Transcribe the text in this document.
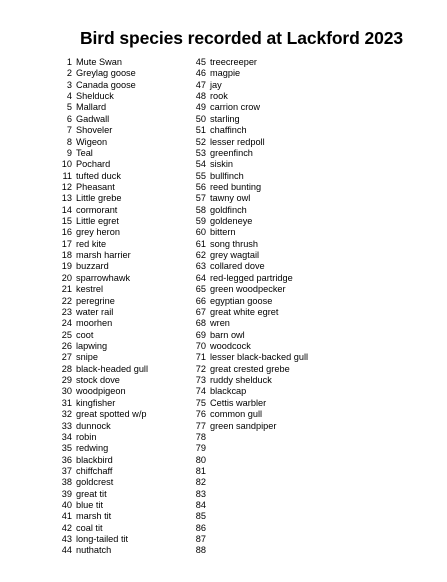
Bird species recorded at Lackford 2023
1 Mute Swan
2 Greylag goose
3 Canada goose
4 Shelduck
5 Mallard
6 Gadwall
7 Shoveler
8 Wigeon
9 Teal
10 Pochard
11 tufted duck
12 Pheasant
13 Little grebe
14 cormorant
15 Little egret
16 grey heron
17 red kite
18 marsh harrier
19 buzzard
20 sparrowhawk
21 kestrel
22 peregrine
23 water rail
24 moorhen
25 coot
26 lapwing
27 snipe
28 black-headed gull
29 stock dove
30 woodpigeon
31 kingfisher
32 great spotted w/p
33 dunnock
34 robin
35 redwing
36 blackbird
37 chiffchaff
38 goldcrest
39 great tit
40 blue tit
41 marsh tit
42 coal tit
43 long-tailed tit
44 nuthatch
45 treecreeper
46 magpie
47 jay
48 rook
49 carrion crow
50 starling
51 chaffinch
52 lesser redpoll
53 greenfinch
54 siskin
55 bullfinch
56 reed bunting
57 tawny owl
58 goldfinch
59 goldeneye
60 bittern
61 song thrush
62 grey wagtail
63 collared dove
64 red-legged partridge
65 green woodpecker
66 egyptian goose
67 great white egret
68 wren
69 barn owl
70 woodcock
71 lesser black-backed gull
72 great crested grebe
73 ruddy shelduck
74 blackcap
75 Cettis warbler
76 common gull
77 green sandpiper
78
79
80
81
82
83
84
85
86
87
88
